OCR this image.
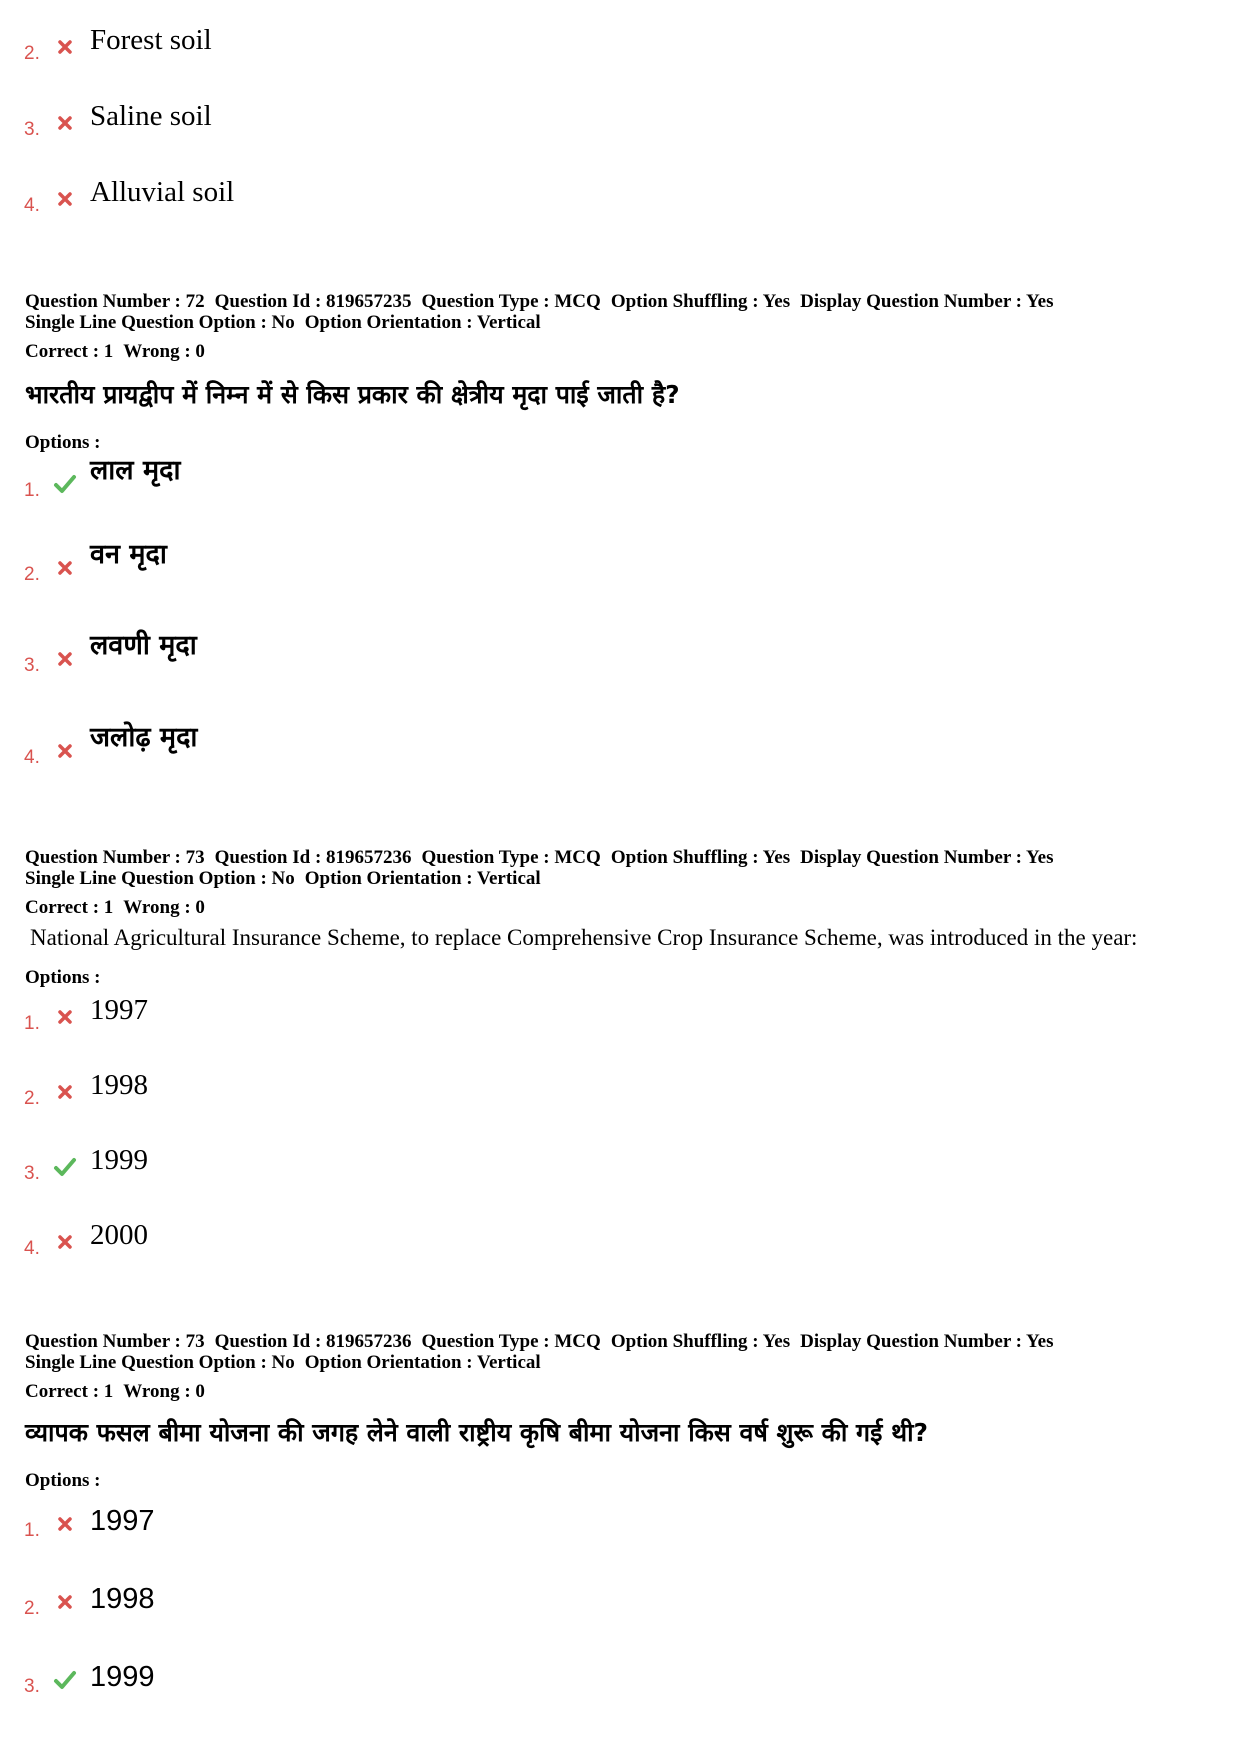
2.	Forest soil
3.	Saline soil
4.	Alluvial soil
Question Number : 72 Question Id : 819657235 Question Type : MCQ Option Shuffling : Yes Display Question Number : Yes
Single Line Question Option : No Option Orientation : Vertical
Correct : 1 Wrong : 0
भारतीय प्रायद्वीप में निम्न में से किस प्रकार की क्षेत्रीय मृदा पाई जाती है?
Options :
1.
लाल मृदा
2.
वन मृदा
3.
लवणी मृदा
4.
जलोढ़ मृदा
Question Number : 73 Question Id : 819657236 Question Type : MCQ Option Shuffling : Yes Display Question Number : Yes
Single Line Question Option : No Option Orientation : Vertical
Correct : 1 Wrong : 0
National Agricultural Insurance Scheme, to replace Comprehensive Crop Insurance Scheme, was introduced in the year:
Options :
1.	1997
2.	1998
3.	1999
4.	2000
Question Number : 73 Question Id : 819657236 Question Type : MCQ Option Shuffling : Yes Display Question Number : Yes
Single Line Question Option : No Option Orientation : Vertical
Correct : 1 Wrong : 0
व्यापक फसल बीमा योजना की जगह लेने वाली राष्ट्रीय कृषि बीमा योजना किस वर्ष शुरू की गई थी?
Options :
1.	1997
2.	1998
3.	1999
